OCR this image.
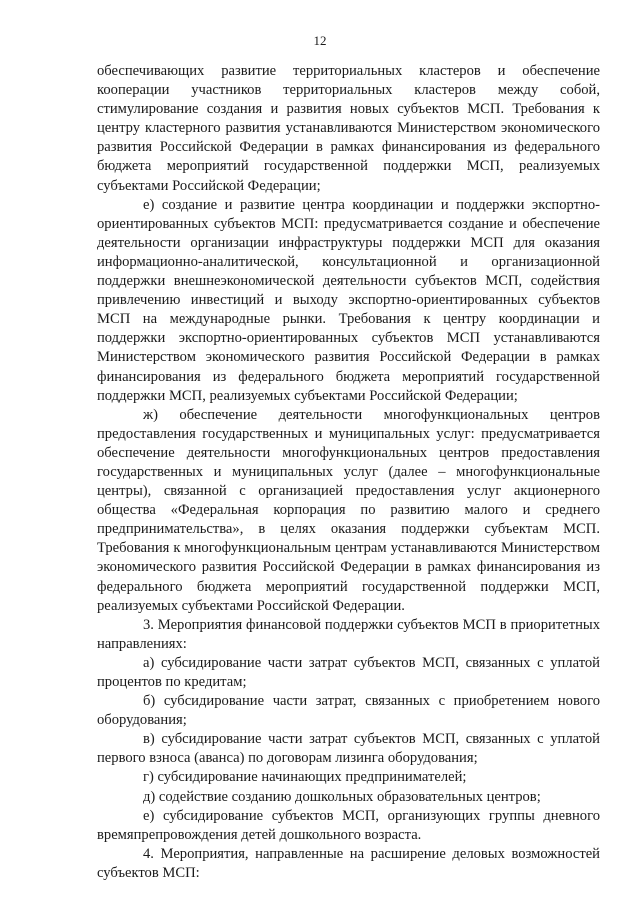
12

обеспечивающих развитие территориальных кластеров и обеспечение кооперации участников территориальных кластеров между собой, стимулирование создания и развития новых субъектов МСП. Требования к центру кластерного развития устанавливаются Министерством экономического развития Российской Федерации в рамках финансирования из федерального бюджета мероприятий государственной поддержки МСП, реализуемых субъектами Российской Федерации;

е) создание и развитие центра координации и поддержки экспортно-ориентированных субъектов МСП: предусматривается создание и обеспечение деятельности организации инфраструктуры поддержки МСП для оказания информационно-аналитической, консультационной и организационной поддержки внешнеэкономической деятельности субъектов МСП, содействия привлечению инвестиций и выходу экспортно-ориентированных субъектов МСП на международные рынки. Требования к центру координации и поддержки экспортно-ориентированных субъектов МСП устанавливаются Министерством экономического развития Российской Федерации в рамках финансирования из федерального бюджета мероприятий государственной поддержки МСП, реализуемых субъектами Российской Федерации;

ж) обеспечение деятельности многофункциональных центров предоставления государственных и муниципальных услуг: предусматривается обеспечение деятельности многофункциональных центров предоставления государственных и муниципальных услуг (далее – многофункциональные центры), связанной с организацией предоставления услуг акционерного общества «Федеральная корпорация по развитию малого и среднего предпринимательства», в целях оказания поддержки субъектам МСП. Требования к многофункциональным центрам устанавливаются Министерством экономического развития Российской Федерации в рамках финансирования из федерального бюджета мероприятий государственной поддержки МСП, реализуемых субъектами Российской Федерации.

3. Мероприятия финансовой поддержки субъектов МСП в приоритетных направлениях:

а) субсидирование части затрат субъектов МСП, связанных с уплатой процентов по кредитам;

б) субсидирование части затрат, связанных с приобретением нового оборудования;

в) субсидирование части затрат субъектов МСП, связанных с уплатой первого взноса (аванса) по договорам лизинга оборудования;

г) субсидирование начинающих предпринимателей;

д) содействие созданию дошкольных образовательных центров;

е) субсидирование субъектов МСП, организующих группы дневного времяпрепровождения детей дошкольного возраста.

4. Мероприятия, направленные на расширение деловых возможностей субъектов МСП:
